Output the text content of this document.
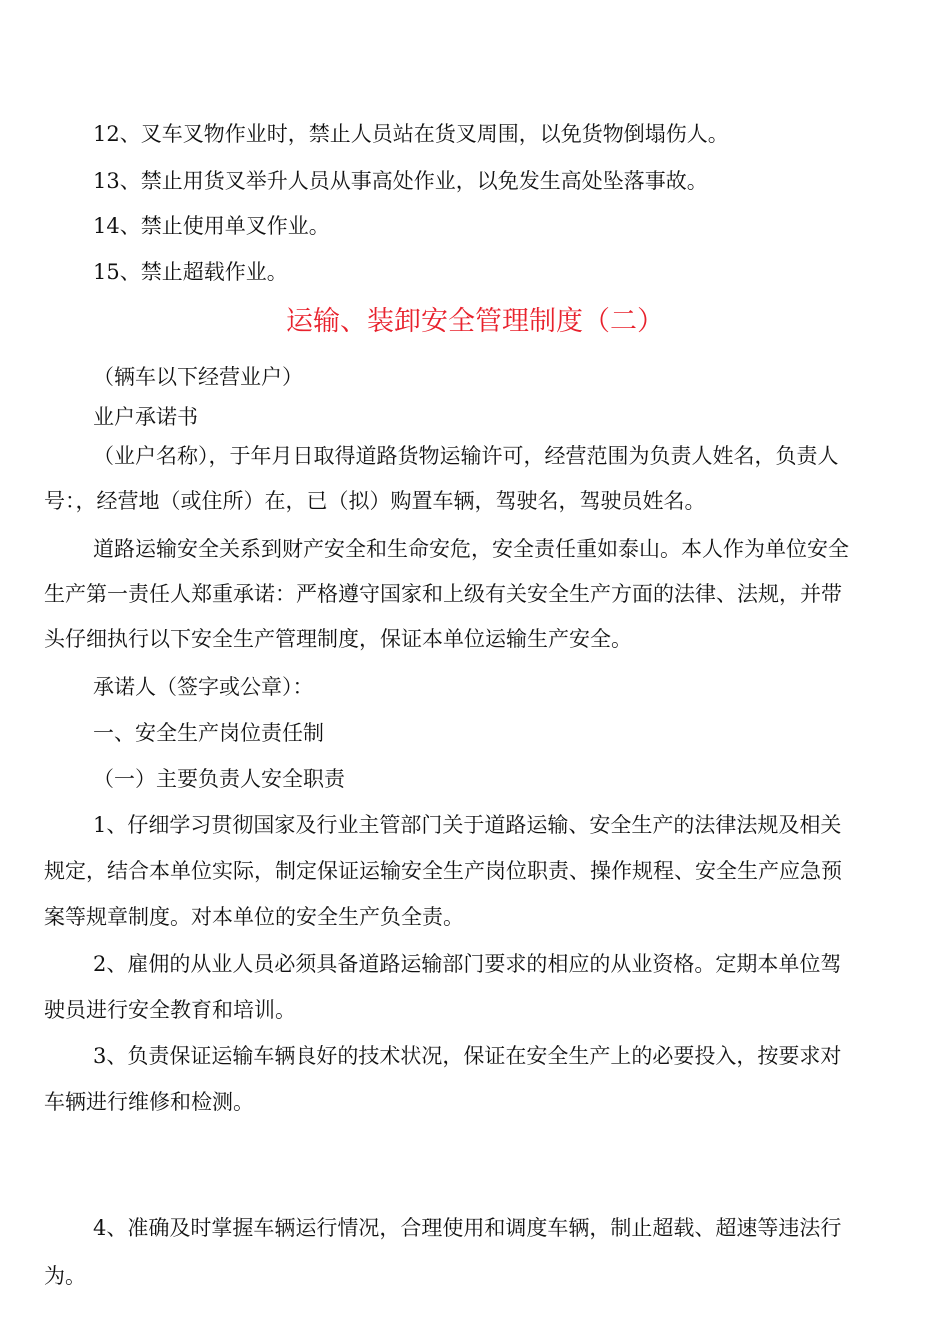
12、叉车叉物作业时，禁止人员站在货叉周围，以免货物倒塌伤人。
13、禁止用货叉举升人员从事高处作业，以免发生高处坠落事故。
14、禁止使用单叉作业。
15、禁止超载作业。
运输、装卸安全管理制度（二）
（辆车以下经营业户）
业户承诺书
（业户名称），于年月日取得道路货物运输许可，经营范围为负责人姓名，负责人
号：，经营地（或住所）在，已（拟）购置车辆，驾驶名，驾驶员姓名。
道路运输安全关系到财产安全和生命安危，安全责任重如泰山。本人作为单位安全
生产第一责任人郑重承诺：严格遵守国家和上级有关安全生产方面的法律、法规，并带
头仔细执行以下安全生产管理制度，保证本单位运输生产安全。
承诺人（签字或公章）：
一、安全生产岗位责任制
（一）主要负责人安全职责
1、仔细学习贯彻国家及行业主管部门关于道路运输、安全生产的法律法规及相关
规定，结合本单位实际，制定保证运输安全生产岗位职责、操作规程、安全生产应急预
案等规章制度。对本单位的安全生产负全责。
2、雇佣的从业人员必须具备道路运输部门要求的相应的从业资格。定期本单位驾
驶员进行安全教育和培训。
3、负责保证运输车辆良好的技术状况，保证在安全生产上的必要投入，按要求对
车辆进行维修和检测。
4、准确及时掌握车辆运行情况，合理使用和调度车辆，制止超载、超速等违法行
为。
